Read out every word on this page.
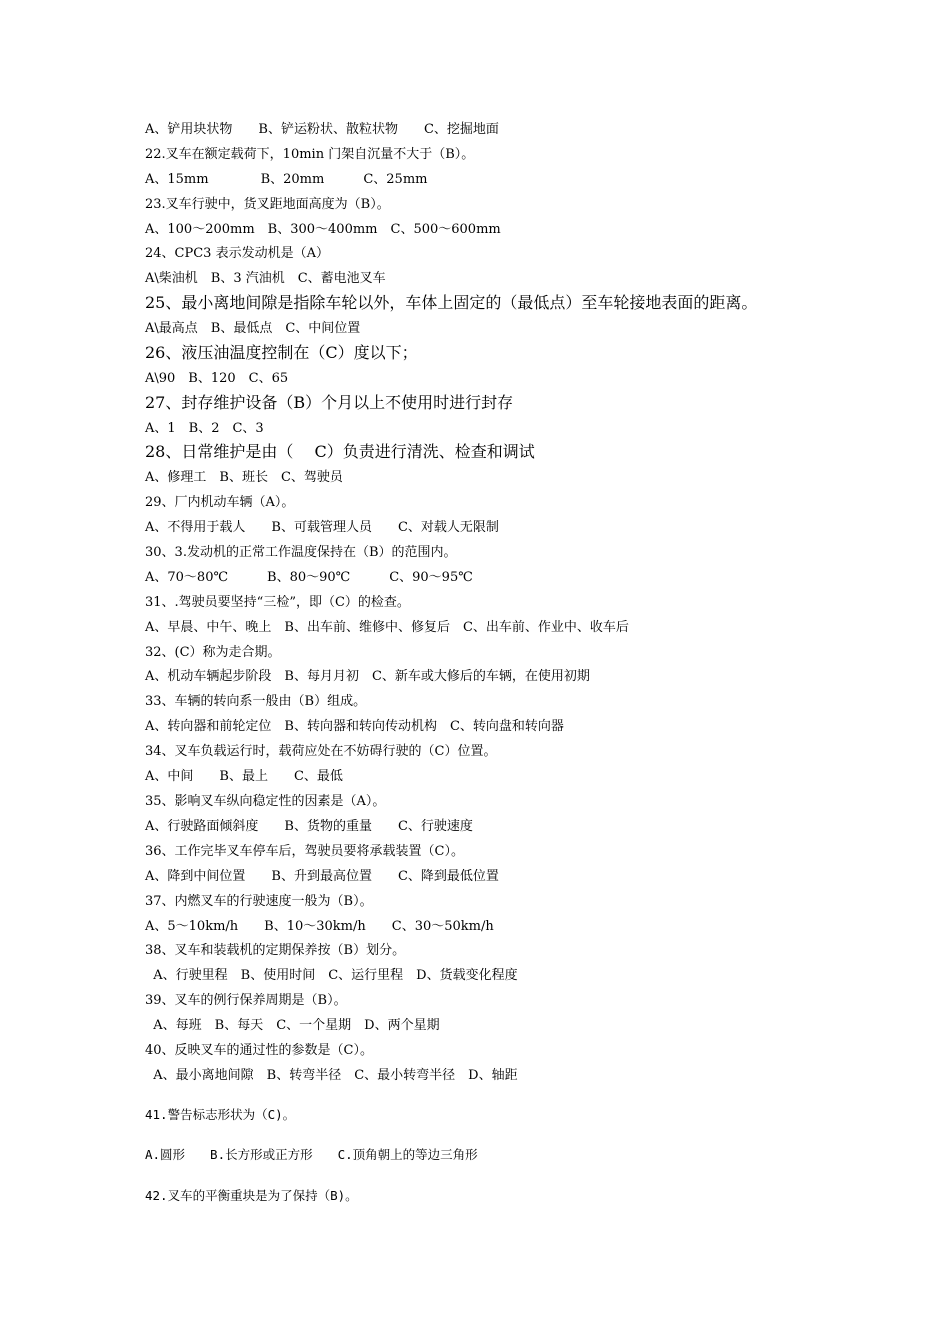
A、铲用块状物　　B、铲运粉状、散粒状物　　C、挖掘地面
22.叉车在额定载荷下，10min 门架自沉量不大于（B）。
A、15mm　　　　B、20mm　　　C、25mm
23.叉车行驶中，货叉距地面高度为（B）。
A、100～200mm　B、300～400mm　C、500～600mm
24、CPC3 表示发动机是（A）
A\柴油机　B、3 汽油机　C、蓄电池叉车
25、最小离地间隙是指除车轮以外，车体上固定的（最低点）至车轮接地表面的距离。
A\最高点　B、最低点　C、中间位置
26、液压油温度控制在（C）度以下；
A\90　B、120　C、65
27、封存维护设备（B）个月以上不使用时进行封存
A、1　B、2　C、3
28、日常维护是由（　 C）负责进行清洗、检查和调试
A、修理工　B、班长　C、驾驶员
29、厂内机动车辆（A）。
A、不得用于载人　　B、可载管理人员　　C、对载人无限制
30、3.发动机的正常工作温度保持在（B）的范围内。
A、70～80℃　　　B、80～90℃　　　C、90～95℃
31、.驾驶员要坚持“三检”，即（C）的检查。
A、早晨、中午、晚上　B、出车前、维修中、修复后　C、出车前、作业中、收车后
32、(C）称为走合期。
A、机动车辆起步阶段　B、每月月初　C、新车或大修后的车辆，在使用初期
33、车辆的转向系一般由（B）组成。
A、转向器和前轮定位　B、转向器和转向传动机构　C、转向盘和转向器
34、叉车负载运行时，载荷应处在不妨碍行驶的（C）位置。
A、中间　　B、最上　　C、最低
35、影响叉车纵向稳定性的因素是（A）。
A、行驶路面倾斜度　　B、货物的重量　　C、行驶速度
36、工作完毕叉车停车后，驾驶员要将承载装置（C）。
A、降到中间位置　　B、升到最高位置　　C、降到最低位置
37、内燃叉车的行驶速度一般为（B）。
A、5～10km/h　　B、10～30km/h　　C、30～50km/h
38、叉车和装载机的定期保养按（B）划分。
A、行驶里程　B、使用时间　C、运行里程　D、货载变化程度
39、叉车的例行保养周期是（B）。
A、每班　B、每天　C、一个星期　D、两个星期
40、反映叉车的通过性的参数是（C）。
A、最小离地间隙　B、转弯半径　C、最小转弯半径　D、轴距
41.警告标志形状为（C)。
A.圆形　　B.长方形或正方形　　C.顶角朝上的等边三角形
42.叉车的平衡重块是为了保持（B)。
